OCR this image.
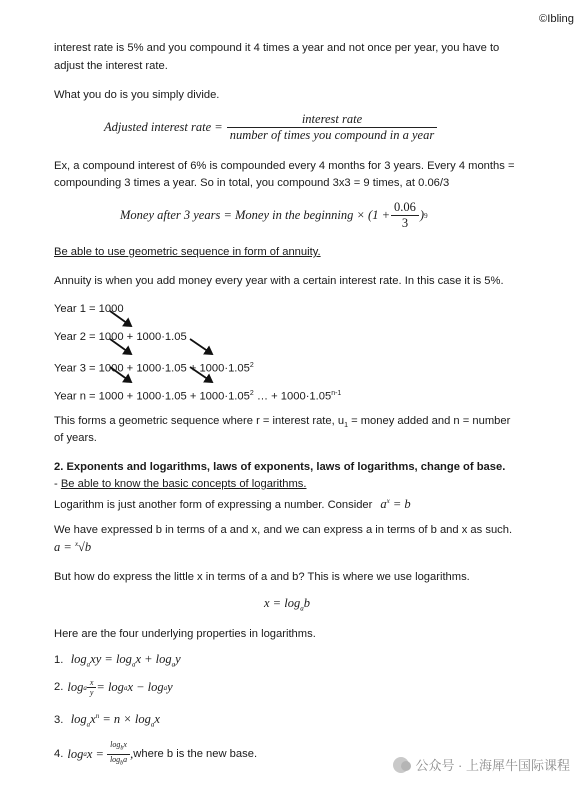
©Ibling
interest rate is 5% and you compound it 4 times a year and not once per year, you have to
adjust the interest rate.
What you do is you simply divide.
Adjusted interest rate = $\frac{\text{interest rate}}{\text{number of times you compound in a year}}$
Ex, a compound interest of 6% is compounded every 4 months for 3 years. Every 4 months =
compounding 3 times a year. So in total, you compound 3x3 = 9 times, at 0.06/3
Money after 3 years = Money in the beginning × ($1 + \frac{0.06}{3}$ ) 9
Be able to use geometric sequence in form of annuity.
Annuity is when you add money every year with a certain interest rate. In this case it is 5%.
Year 1 = 1000
Year 2 = 1000 + 1000·1.05
Year $3 = 1000 + 1000\cdot 1.05 + 1000\cdot 1.05^2$
Year $n = 1000 + 1000\cdot 1.05 + 1000\cdot 1.05^2$ … + $1000\cdot 1.05^{n-1}$
This forms a geometric sequence where r = interest rate, $u_1$ = money added and n = number
of years.
2. Exponents and logarithms, laws of exponents, laws of logarithms, change of base.
- Be able to know the basic concepts of logarithms.
Logarithm is just another form of expressing a number. Consider $a^x = b$
We have expressed b in terms of a and x, and we can express a in terms of b and x as such.
a = $^x$√b
But how do express the little x in terms of a and b? This is where we use logarithms.
$x = \log_ab$
Here are the four underlying properties in logarithms.
1. $\log_axy = \log_ax + \log_ay$
2. log a $\frac{x}{y} = \log a$ x − log a y
3. $\log_ax^n = n \times \log_ax$
4. log a $x = \frac{\log_bx}{\log_ba}$ , where b is the new base.
公众号 · 上海犀牛国际课程
